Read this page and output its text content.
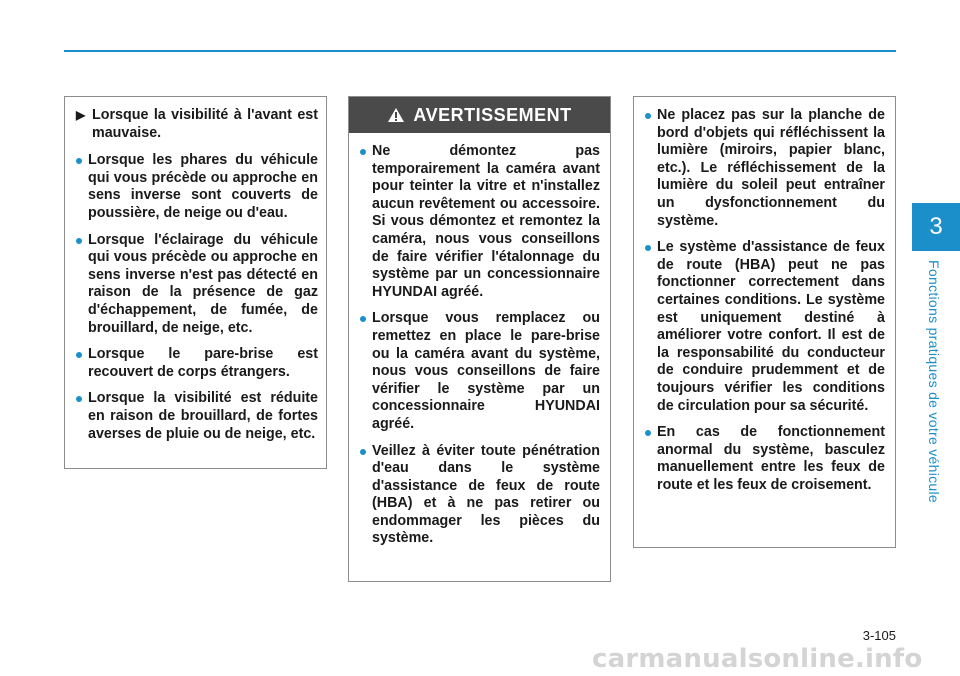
3
Fonctions pratiques de votre véhicule
▶ Lorsque la visibilité à l'avant est mauvaise.
Lorsque les phares du véhicule qui vous précède ou approche en sens inverse sont couverts de poussière, de neige ou d'eau.
Lorsque l'éclairage du véhicule qui vous précède ou approche en sens inverse n'est pas détecté en raison de la présence de gaz d'échappement, de fumée, de brouillard, de neige, etc.
Lorsque le pare-brise est recouvert de corps étrangers.
Lorsque la visibilité est réduite en raison de brouillard, de fortes averses de pluie ou de neige, etc.
AVERTISSEMENT
Ne démontez pas temporairement la caméra avant pour teinter la vitre et n'installez aucun revêtement ou accessoire. Si vous démontez et remontez la caméra, nous vous conseillons de faire vérifier l'étalonnage du système par un concessionnaire HYUNDAI agréé.
Lorsque vous remplacez ou remettez en place le pare-brise ou la caméra avant du système, nous vous conseillons de faire vérifier le système par un concessionnaire HYUNDAI agréé.
Veillez à éviter toute pénétration d'eau dans le système d'assistance de feux de route (HBA) et à ne pas retirer ou endommager les pièces du système.
Ne placez pas sur la planche de bord d'objets qui réfléchissent la lumière (miroirs, papier blanc, etc.). Le réfléchissement de la lumière du soleil peut entraîner un dysfonctionnement du système.
Le système d'assistance de feux de route (HBA) peut ne pas fonctionner correctement dans certaines conditions. Le système est uniquement destiné à améliorer votre confort. Il est de la responsabilité du conducteur de conduire prudemment et de toujours vérifier les conditions de circulation pour sa sécurité.
En cas de fonctionnement anormal du système, basculez manuellement entre les feux de route et les feux de croisement.
3-105
carmanualsonline.info
